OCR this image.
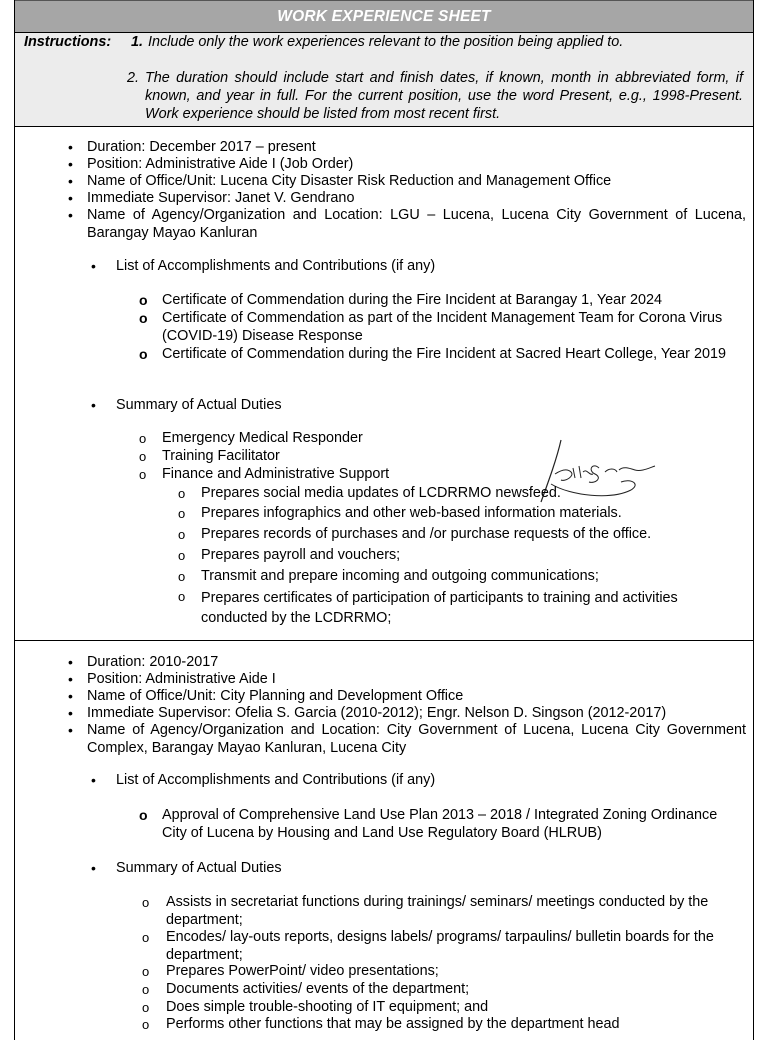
WORK EXPERIENCE SHEET
Instructions: 1. Include only the work experiences relevant to the position being applied to.
2. The duration should include start and finish dates, if known, month in abbreviated form, if known, and year in full. For the current position, use the word Present, e.g., 1998-Present. Work experience should be listed from most recent first.
•
Duration: December 2017 – present
•
Position: Administrative Aide I (Job Order)
•
Name of Office/Unit: Lucena City Disaster Risk Reduction and Management Office
•
Immediate Supervisor: Janet V. Gendrano
•
Name of Agency/Organization and Location: LGU – Lucena, Lucena City Government of Lucena, Barangay Mayao Kanluran
•
List of Accomplishments and Contributions (if any)
o Certificate of Commendation during the Fire Incident at Barangay 1, Year 2024
o Certificate of Commendation as part of the Incident Management Team for Corona Virus (COVID-19) Disease Response
o Certificate of Commendation during the Fire Incident at Sacred Heart College, Year 2019
•
Summary of Actual Duties
o Emergency Medical Responder
o Training Facilitator
o Finance and Administrative Support
o Prepares social media updates of LCDRRMO newsfeed.
o Prepares infographics and other web-based information materials.
o Prepares records of purchases and /or purchase requests of the office.
o Prepares payroll and vouchers;
o Transmit and prepare incoming and outgoing communications;
o Prepares certificates of participation of participants to training and activities conducted by the LCDRRMO;
•
Duration: 2010-2017
•
Position: Administrative Aide I
•
Name of Office/Unit: City Planning and Development Office
•
Immediate Supervisor: Ofelia S. Garcia (2010-2012); Engr. Nelson D. Singson (2012-2017)
•
Name of Agency/Organization and Location: City Government of Lucena, Lucena City Government Complex, Barangay Mayao Kanluran, Lucena City
•
List of Accomplishments and Contributions (if any)
o Approval of Comprehensive Land Use Plan 2013 – 2018 / Integrated Zoning Ordinance City of Lucena by Housing and Land Use Regulatory Board (HLRUB)
•
Summary of Actual Duties
o Assists in secretariat functions during trainings/ seminars/ meetings conducted by the department;
o Encodes/ lay-outs reports, designs labels/ programs/ tarpaulins/ bulletin boards for the department;
o Prepares PowerPoint/ video presentations;
o Documents activities/ events of the department;
o Does simple trouble-shooting of IT equipment; and
o Performs other functions that may be assigned by the department head
